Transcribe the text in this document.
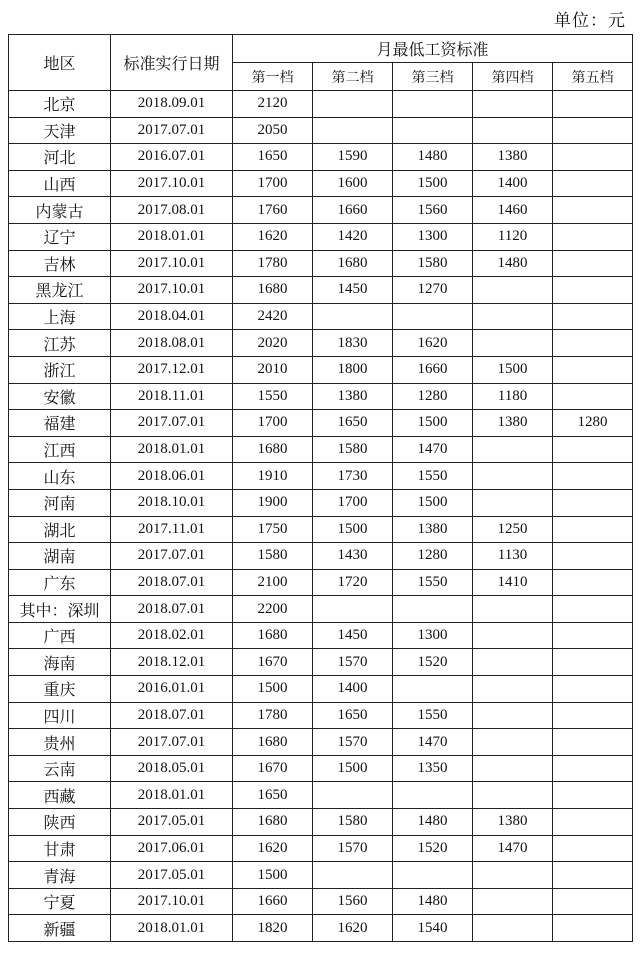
单位：元
地区	标准实行日期	月最低工资标准				
		第一档	第二档	第三档	第四档	第五档
北京	2018.09.01	2120				
天津	2017.07.01	2050				
河北	2016.07.01	1650	1590	1480	1380	
山西	2017.10.01	1700	1600	1500	1400	
内蒙古	2017.08.01	1760	1660	1560	1460	
辽宁	2018.01.01	1620	1420	1300	1120	
吉林	2017.10.01	1780	1680	1580	1480	
黑龙江	2017.10.01	1680	1450	1270		
上海	2018.04.01	2420				
江苏	2018.08.01	2020	1830	1620		
浙江	2017.12.01	2010	1800	1660	1500	
安徽	2018.11.01	1550	1380	1280	1180	
福建	2017.07.01	1700	1650	1500	1380	1280
江西	2018.01.01	1680	1580	1470		
山东	2018.06.01	1910	1730	1550		
河南	2018.10.01	1900	1700	1500		
湖北	2017.11.01	1750	1500	1380	1250	
湖南	2017.07.01	1580	1430	1280	1130	
广东	2018.07.01	2100	1720	1550	1410	
其中：深圳	2018.07.01	2200				
广西	2018.02.01	1680	1450	1300		
海南	2018.12.01	1670	1570	1520		
重庆	2016.01.01	1500	1400			
四川	2018.07.01	1780	1650	1550		
贵州	2017.07.01	1680	1570	1470		
云南	2018.05.01	1670	1500	1350		
西藏	2018.01.01	1650				
陕西	2017.05.01	1680	1580	1480	1380	
甘肃	2017.06.01	1620	1570	1520	1470	
青海	2017.05.01	1500				
宁夏	2017.10.01	1660	1560	1480		
新疆	2018.01.01	1820	1620	1540		
